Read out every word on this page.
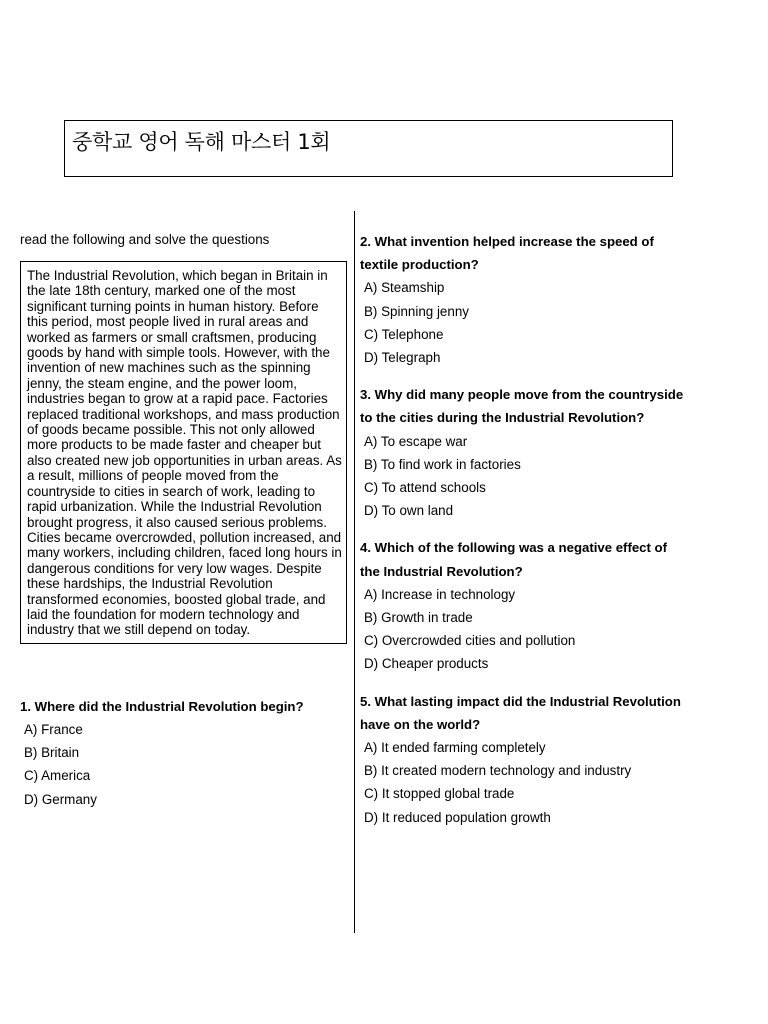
중학교 영어 독해 마스터 1회
read the following and solve the questions
The Industrial Revolution, which began in Britain in the late 18th century, marked one of the most significant turning points in human history. Before this period, most people lived in rural areas and worked as farmers or small craftsmen, producing goods by hand with simple tools. However, with the invention of new machines such as the spinning jenny, the steam engine, and the power loom, industries began to grow at a rapid pace. Factories replaced traditional workshops, and mass production of goods became possible. This not only allowed more products to be made faster and cheaper but also created new job opportunities in urban areas. As a result, millions of people moved from the countryside to cities in search of work, leading to rapid urbanization. While the Industrial Revolution brought progress, it also caused serious problems. Cities became overcrowded, pollution increased, and many workers, including children, faced long hours in dangerous conditions for very low wages. Despite these hardships, the Industrial Revolution transformed economies, boosted global trade, and laid the foundation for modern technology and industry that we still depend on today.
1. Where did the Industrial Revolution begin?
A) France
B) Britain
C) America
D) Germany
2. What invention helped increase the speed of textile production?
A) Steamship
B) Spinning jenny
C) Telephone
D) Telegraph
3. Why did many people move from the countryside to the cities during the Industrial Revolution?
A) To escape war
B) To find work in factories
C) To attend schools
D) To own land
4. Which of the following was a negative effect of the Industrial Revolution?
A) Increase in technology
B) Growth in trade
C) Overcrowded cities and pollution
D) Cheaper products
5. What lasting impact did the Industrial Revolution have on the world?
A) It ended farming completely
B) It created modern technology and industry
C) It stopped global trade
D) It reduced population growth
